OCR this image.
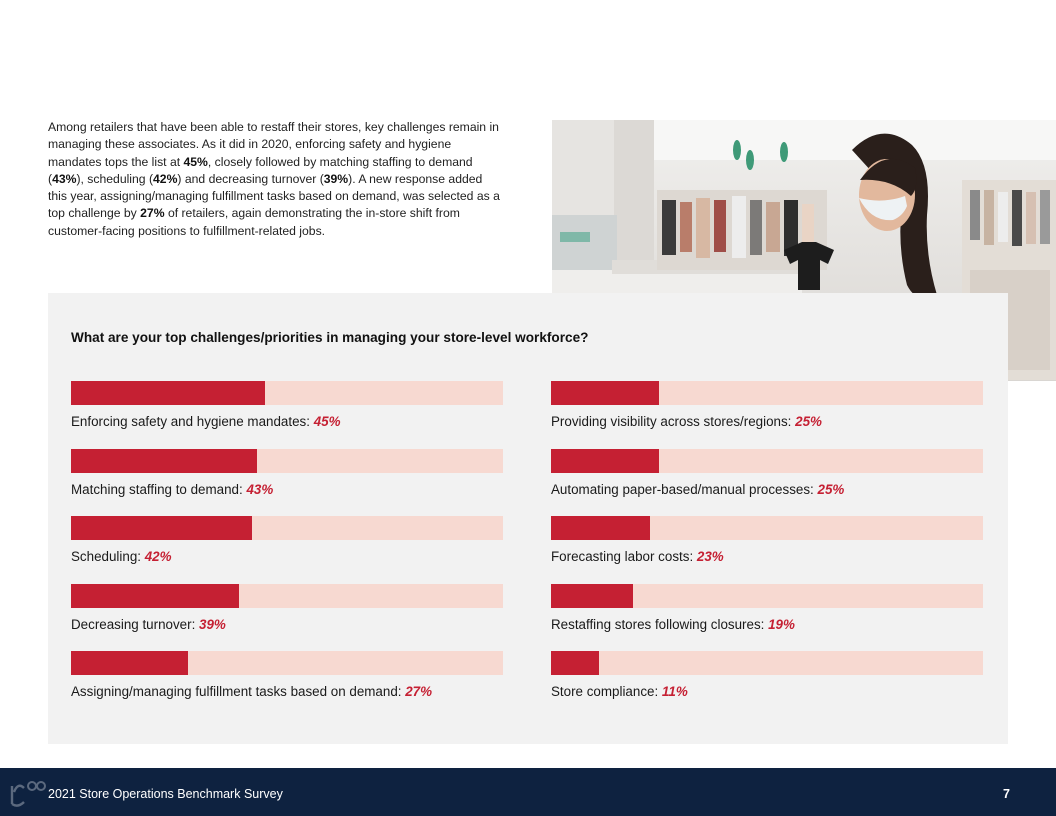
Among retailers that have been able to restaff their stores, key challenges remain in managing these associates. As it did in 2020, enforcing safety and hygiene mandates tops the list at 45%, closely followed by matching staffing to demand (43%), scheduling (42%) and decreasing turnover (39%). A new response added this year, assigning/managing fulfillment tasks based on demand, was selected as a top challenge by 27% of retailers, again demonstrating the in-store shift from customer-facing positions to fulfillment-related jobs.

What are your top challenges/priorities in managing your store-level workforce?
Enforcing safety and hygiene mandates: 45%
Matching staffing to demand: 43%
Scheduling: 42%
Decreasing turnover: 39%
Assigning/managing fulfillment tasks based on demand: 27%
Providing visibility across stores/regions: 25%
Automating paper-based/manual processes: 25%
Forecasting labor costs: 23%
Restaffing stores following closures: 19%
Store compliance: 11%
2021 Store Operations Benchmark Survey	7
